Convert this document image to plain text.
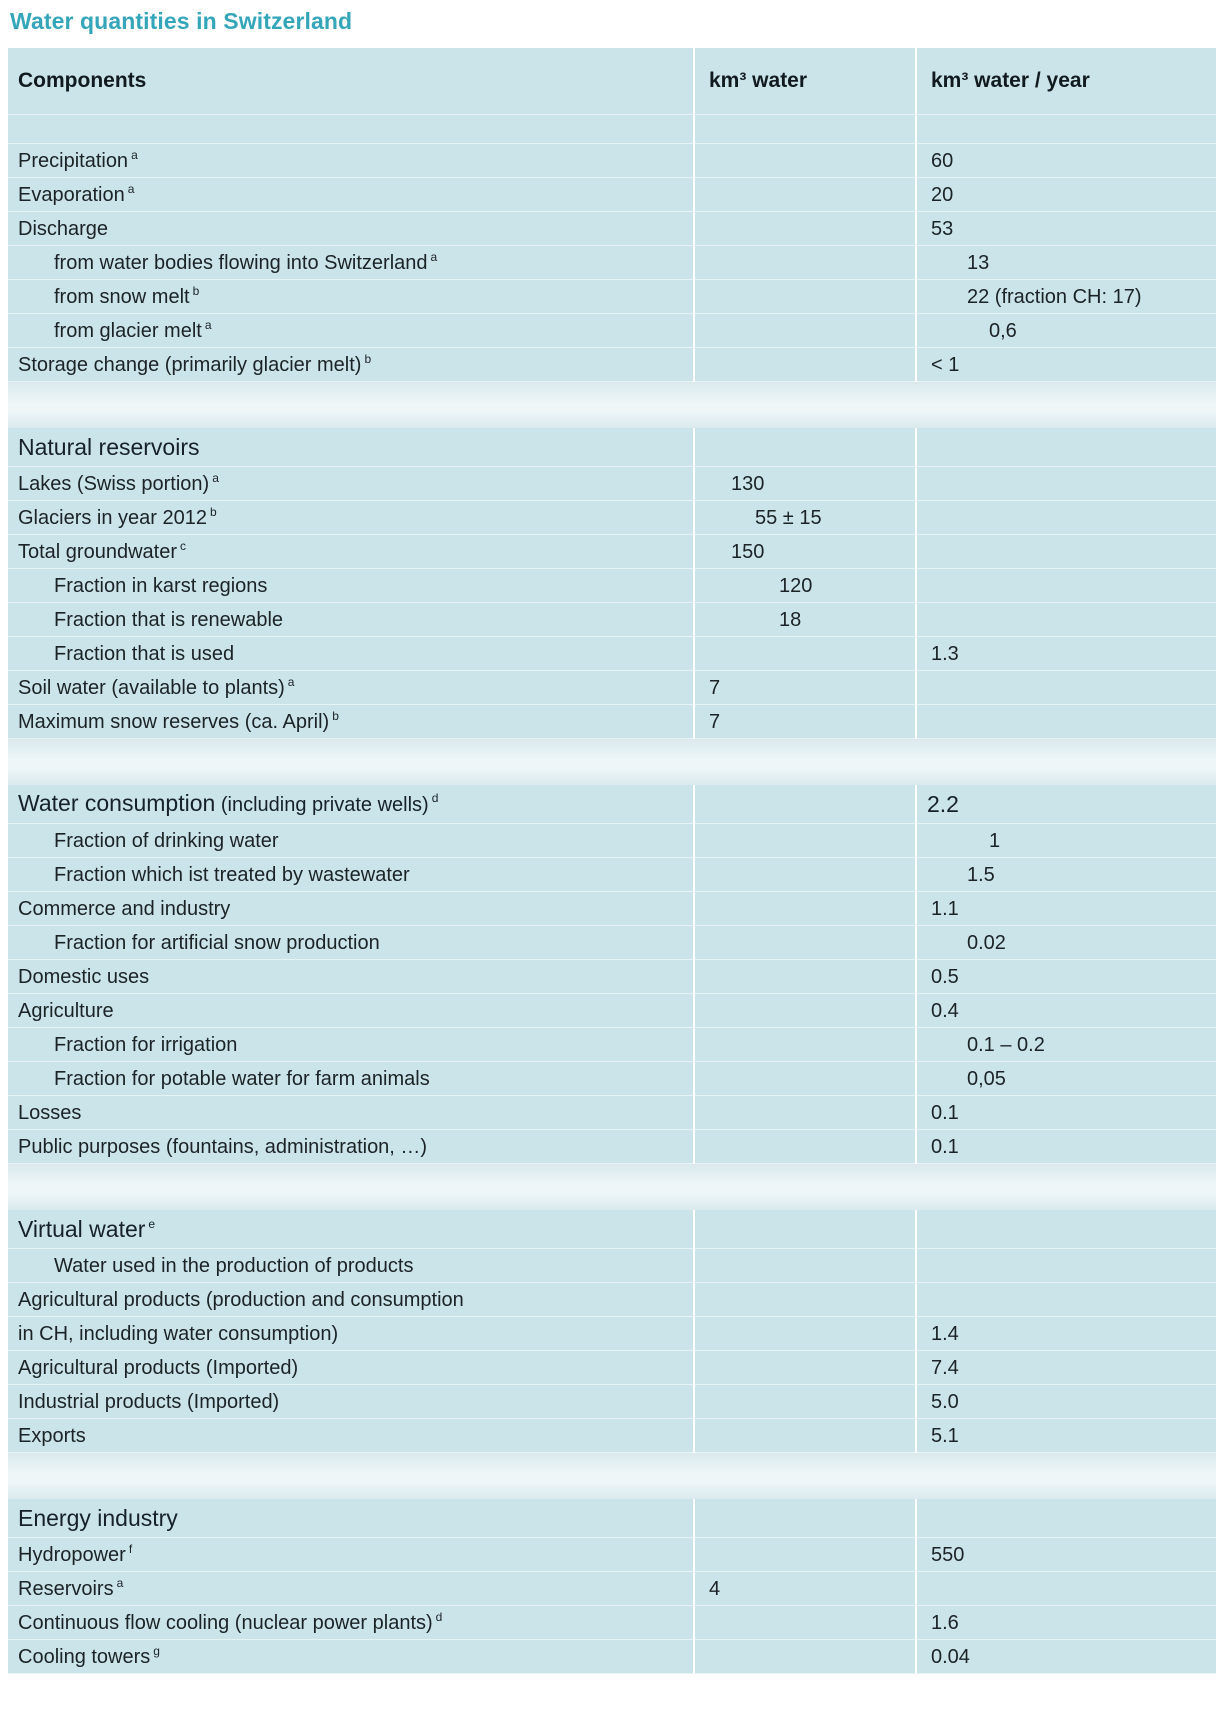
Water quantities in Switzerland
Components	km³ water	km³ water / year

Precipitation $^a$		60

Evaporation $^a$		20

Discharge		53

from water bodies flowing into Switzerland $^a$		13

from snow melt $^b$		22 (fraction CH: 17)

from glacier melt $^a$		0,6

Storage change (primarily glacier melt) $^b$		< 1

Natural reservoirs		

Lakes (Swiss portion) $^a$	130	

Glaciers in year 2012 $^b$	55 ± 15	

Total groundwater $^c$	150	

Fraction in karst regions	120	

Fraction that is renewable	18	

Fraction that is used		1.3

Soil water (available to plants) $^a$	7	

Maximum snow reserves (ca. April) $^b$	7	

Water consumption (including private wells) $^d$		2.2

Fraction of drinking water		1

Fraction which ist treated by wastewater		1.5

Commerce and industry		1.1

Fraction for artificial snow production		0.02

Domestic uses		0.5

Agriculture		0.4

Fraction for irrigation		0.1 – 0.2

Fraction for potable water for farm animals		0,05

Losses		0.1

Public purposes (fountains, administration, …)		0.1

Virtual water $^e$

Water used in the production of products		

Agricultural products (production and consumption		

in CH, including water consumption)		1.4

Agricultural products (Imported)		7.4

Industrial products (Imported)		5.0

Exports		5.1

Energy industry		

Hydropower $^f$		550

Reservoirs $^a$	4	

Continuous flow cooling (nuclear power plants) $^d$		1.6

Cooling towers $^g$		0.04
